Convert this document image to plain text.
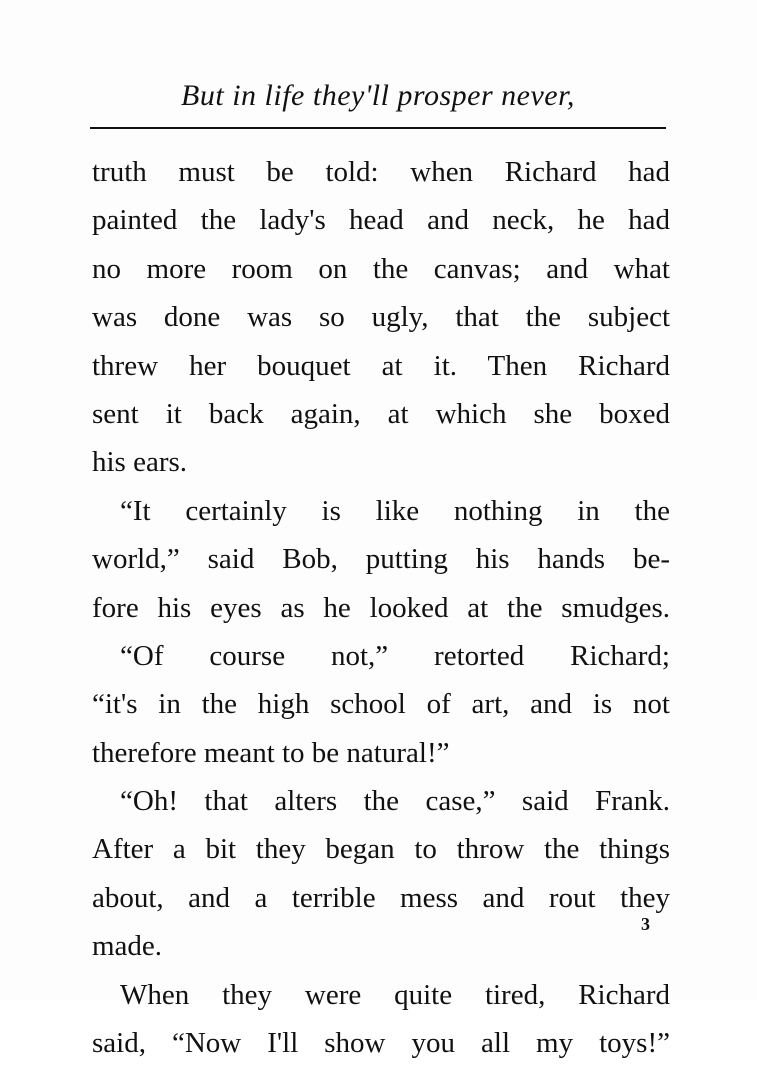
But in life they'll prosper never,
truth must be told: when Richard had
painted the lady's head and neck, he had
no more room on the canvas; and what
was done was so ugly, that the subject
threw her bouquet at it. Then Richard
sent it back again, at which she boxed
his ears.
“It certainly is like nothing in the
world,” said Bob, putting his hands be-
fore his eyes as he looked at the smudges.
“Of course not,” retorted Richard;
“it's in the high school of art, and is not
therefore meant to be natural!”
“Oh! that alters the case,” said Frank.
After a bit they began to throw the things
about, and a terrible mess and rout they
made.
When they were quite tired, Richard
said, “Now I'll show you all my toys!”
3
